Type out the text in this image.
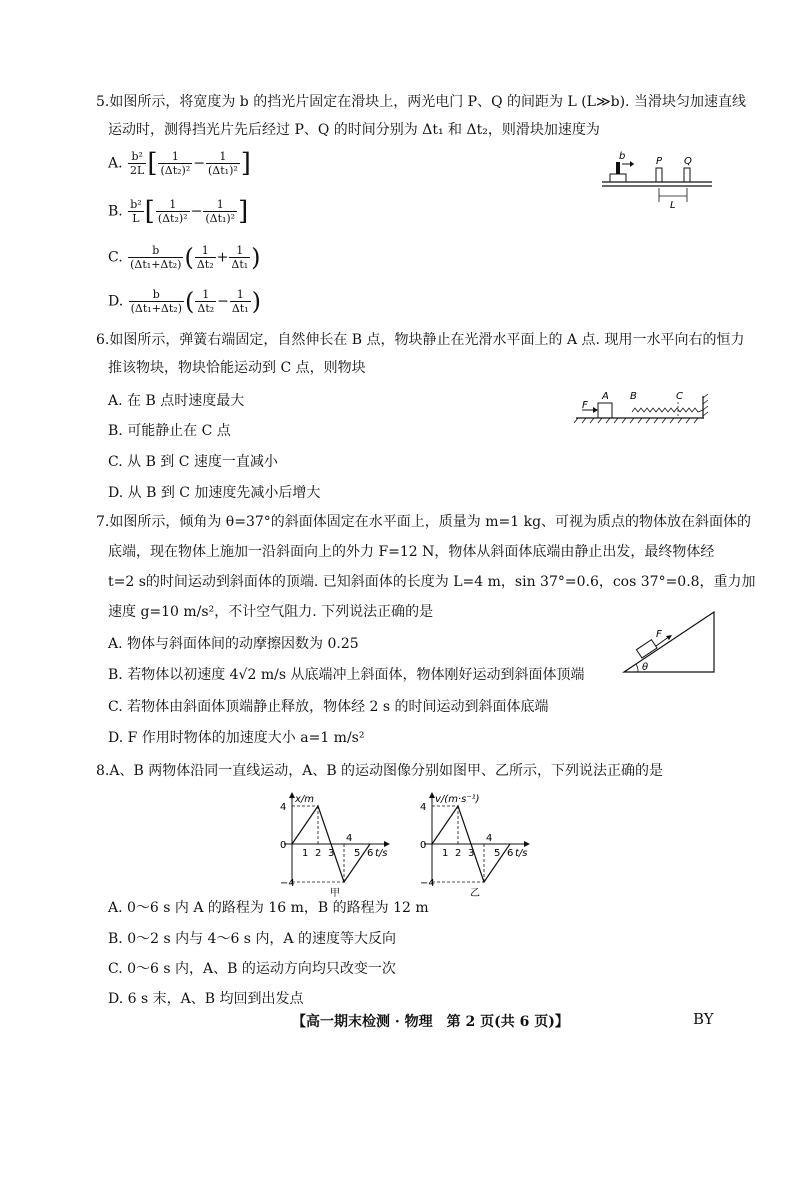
5.如图所示，将宽度为 b 的挡光片固定在滑块上，两光电门 P、Q 的间距为 L (L≫b). 当滑块匀加速直线
运动时，测得挡光片先后经过 P、Q 的时间分别为 Δt₁ 和 Δt₂，则滑块加速度为
A. $\frac{\text{b²}}{2L}$ [ $\frac{1}{\text{(Δt₂)²}} - \frac{1}{\text{(Δt₁)²}}$ ]
B. $\frac{\text{b²}}{L}$ [ $\frac{1}{\text{(Δt₂)²}} - \frac{1}{\text{(Δt₁)²}}$ ]
C. $\frac{b}{\text{(Δt₁+Δt₂)}}$ ( $\frac{1}{\text{Δt₂}} + \frac{1}{\text{Δt₁}}$ )
D. $\frac{b}{\text{(Δt₁+Δt₂)}}$ ( $\frac{1}{\text{Δt₂}} - \frac{1}{\text{Δt₁}}$ )
b	P Q
L
6.如图所示，弹簧右端固定，自然伸长在 B 点，物块静止在光滑水平面上的 A 点. 现用一水平向右的恒力
推该物块，物块恰能运动到 C 点，则物块
A. 在 B 点时速度最大
B. 可能静止在 C 点
C. 从 B 到 C 速度一直减小
D. 从 B 到 C 加速度先减小后增大
F
A B	C
7.如图所示，倾角为 θ=37°的斜面体固定在水平面上，质量为 m=1 kg、可视为质点的物体放在斜面体的
底端，现在物体上施加一沿斜面向上的外力 F=12 N，物体从斜面体底端由静止出发，最终物体经
t=2 s的时间运动到斜面体的顶端. 已知斜面体的长度为 L=4 m，sin 37°=0.6，cos 37°=0.8，重力加
速度 g=10 m/s²，不计空气阻力. 下列说法正确的是
A. 物体与斜面体间的动摩擦因数为 0.25
B. 若物体以初速度 4√2 m/s 从底端冲上斜面体，物体刚好运动到斜面体顶端
C. 若物体由斜面体顶端静止释放，物体经 2 s 的时间运动到斜面体底端
D. F 作用时物体的加速度大小 a=1 m/s²
F
θ
8.A、B 两物体沿同一直线运动，A、B 的运动图像分别如图甲、乙所示，下列说法正确的是
x/m
t/s
4
0
−4
1 2 3
4
5 6
甲
v/(m·s⁻¹)
t/s
4
0
−4
1 2 3
4
5 6
乙
A. 0～6 s 内 A 的路程为 16 m，B 的路程为 12 m
B. 0～2 s 内与 4～6 s 内，A 的速度等大反向
C. 0～6 s 内，A、B 的运动方向均只改变一次
D. 6 s 末，A、B 均回到出发点
【高一期末检测 · 物理　第 2 页(共 6 页)】	BY
